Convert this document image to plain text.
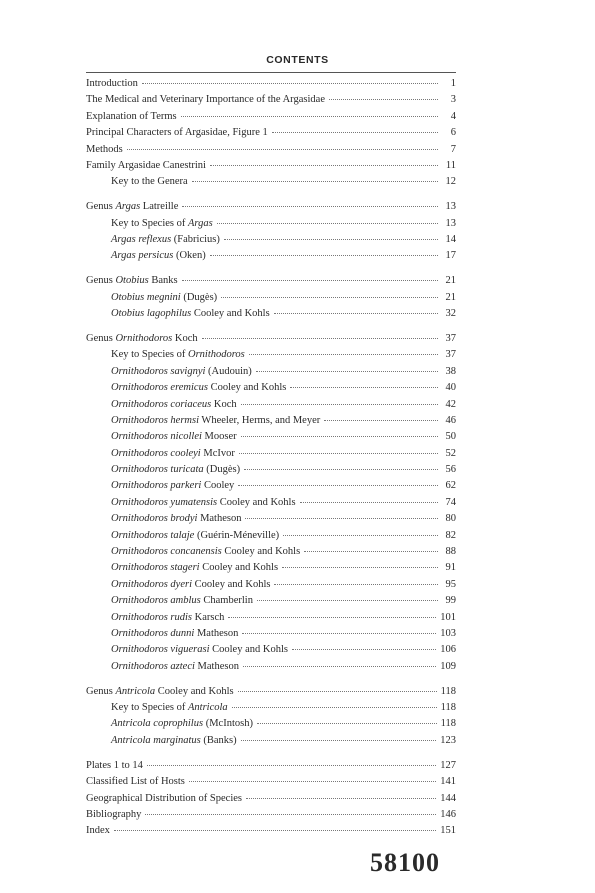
CONTENTS
Introduction	1
The Medical and Veterinary Importance of the Argasidae	3
Explanation of Terms	4
Principal Characters of Argasidae, Figure 1	6
Methods	7
Family Argasidae Canestrini	11
Key to the Genera	12
Genus Argas Latreille	13
Key to Species of Argas	13
Argas reflexus (Fabricius)	14
Argas persicus (Oken)	17
Genus Otobius Banks	21
Otobius megnini (Dugès)	21
Otobius lagophilus Cooley and Kohls	32
Genus Ornithodoros Koch	37
Key to Species of Ornithodoros	37
Ornithodoros savignyi (Audouin)	38
Ornithodoros eremicus Cooley and Kohls	40
Ornithodoros coriaceus Koch	42
Ornithodoros hermsi Wheeler, Herms, and Meyer	46
Ornithodoros nicollei Mooser	50
Ornithodoros cooleyi McIvor	52
Ornithodoros turicata (Dugès)	56
Ornithodoros parkeri Cooley	62
Ornithodoros yumatensis Cooley and Kohls	74
Ornithodoros brodyi Matheson	80
Ornithodoros talaje (Guérin-Méneville)	82
Ornithodoros concanensis Cooley and Kohls	88
Ornithodoros stageri Cooley and Kohls	91
Ornithodoros dyeri Cooley and Kohls	95
Ornithodoros amblus Chamberlin	99
Ornithodoros rudis Karsch	101
Ornithodoros dunni Matheson	103
Ornithodoros viguerasi Cooley and Kohls	106
Ornithodoros azteci Matheson	109
Genus Antricola Cooley and Kohls	118
Key to Species of Antricola	118
Antricola coprophilus (McIntosh)	118
Antricola marginatus (Banks)	123
Plates 1 to 14	127
Classified List of Hosts	141
Geographical Distribution of Species	144
Bibliography	146
Index	151
58100
